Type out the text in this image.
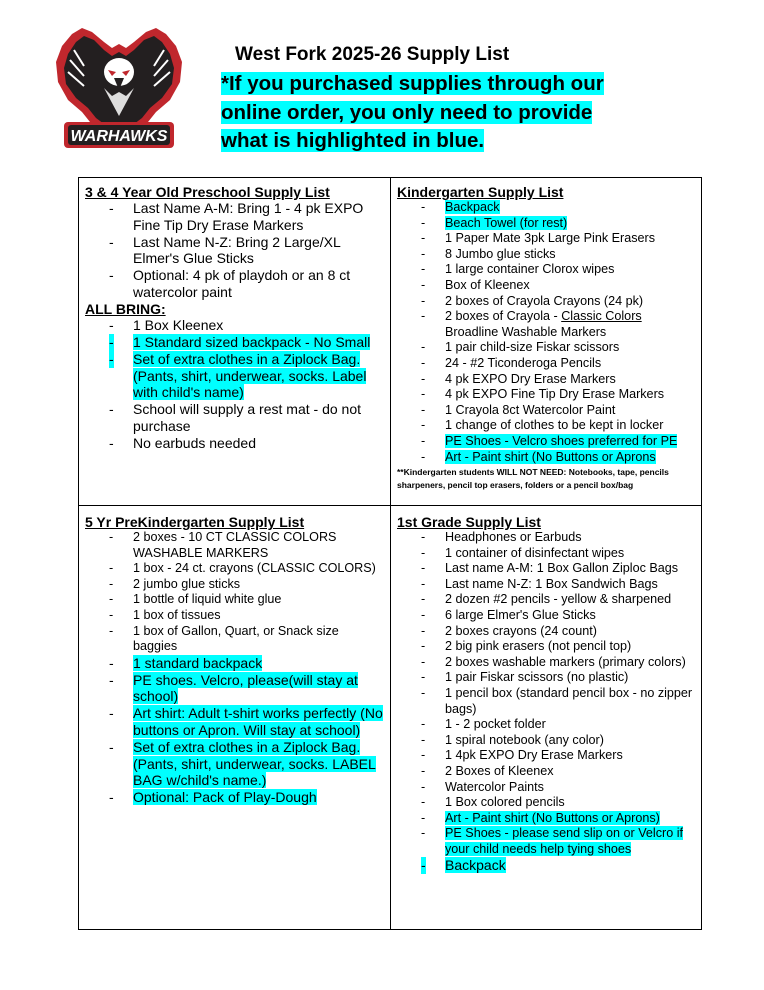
WARHAWKS
West Fork 2025-26 Supply List
*If you purchased supplies through our online order, you only need to provide what is highlighted in blue.

3 & 4 Year Old Preschool Supply List

- Last Name A-M: Bring 1 - 4 pk EXPO Fine Tip Dry Erase Markers
- Last Name N-Z: Bring 2 Large/XL Elmer's Glue Sticks
- Optional: 4 pk of playdoh or an 8 ct watercolor paint
ALL BRING:
- 1 Box Kleenex
- 1 Standard sized backpack - No Small
- Set of extra clothes in a Ziplock Bag. (Pants, shirt, underwear, socks. Label with child's name)
- School will supply a rest mat - do not purchase
- No earbuds needed

Kindergarten Supply List

- Backpack
- Beach Towel (for rest)
- 1 Paper Mate 3pk Large Pink Erasers
- 8 Jumbo glue sticks
- 1 large container Clorox wipes
- Box of Kleenex
- 2 boxes of Crayola Crayons (24 pk)
- 2 boxes of Crayola - Classic Colors Broadline Washable Markers
- 1 pair child-size Fiskar scissors
- 24 - #2 Ticonderoga Pencils
- 4 pk EXPO Dry Erase Markers
- 4 pk EXPO Fine Tip Dry Erase Markers
- 1 Crayola 8ct Watercolor Paint
- 1 change of clothes to be kept in locker
- PE Shoes - Velcro shoes preferred for PE
- Art - Paint shirt (No Buttons or Aprons
**Kindergarten students WILL NOT NEED: Notebooks, tape, pencils sharpeners, pencil top erasers, folders or a pencil box/bag

5 Yr PreKindergarten Supply List

- 2 boxes - 10 CT CLASSIC COLORS WASHABLE MARKERS
- 1 box - 24 ct. crayons (CLASSIC COLORS)
- 2 jumbo glue sticks
- 1 bottle of liquid white glue
- 1 box of tissues
- 1 box of Gallon, Quart, or Snack size baggies
- 1 standard backpack
- PE shoes. Velcro, please(will stay at school)
- Art shirt: Adult t-shirt works perfectly (No buttons or Apron. Will stay at school)
- Set of extra clothes in a Ziplock Bag. (Pants, shirt, underwear, socks. LABEL BAG w/child's name.)
- Optional: Pack of Play-Dough

1st Grade Supply List

- Headphones or Earbuds
- 1 container of disinfectant wipes
- Last name A-M: 1 Box Gallon Ziploc Bags
- Last name N-Z: 1 Box Sandwich Bags
- 2 dozen #2 pencils - yellow & sharpened
- 6 large Elmer's Glue Sticks
- 2 boxes crayons (24 count)
- 2 big pink erasers (not pencil top)
- 2 boxes washable markers (primary colors)
- 1 pair Fiskar scissors (no plastic)
- 1 pencil box (standard pencil box - no zipper bags)
- 1 - 2 pocket folder
- 1 spiral notebook (any color)
- 1 4pk EXPO Dry Erase Markers
- 2 Boxes of Kleenex
- Watercolor Paints
- 1 Box colored pencils
- Art - Paint shirt (No Buttons or Aprons)
- PE Shoes - please send slip on or Velcro if your child needs help tying shoes
- Backpack
